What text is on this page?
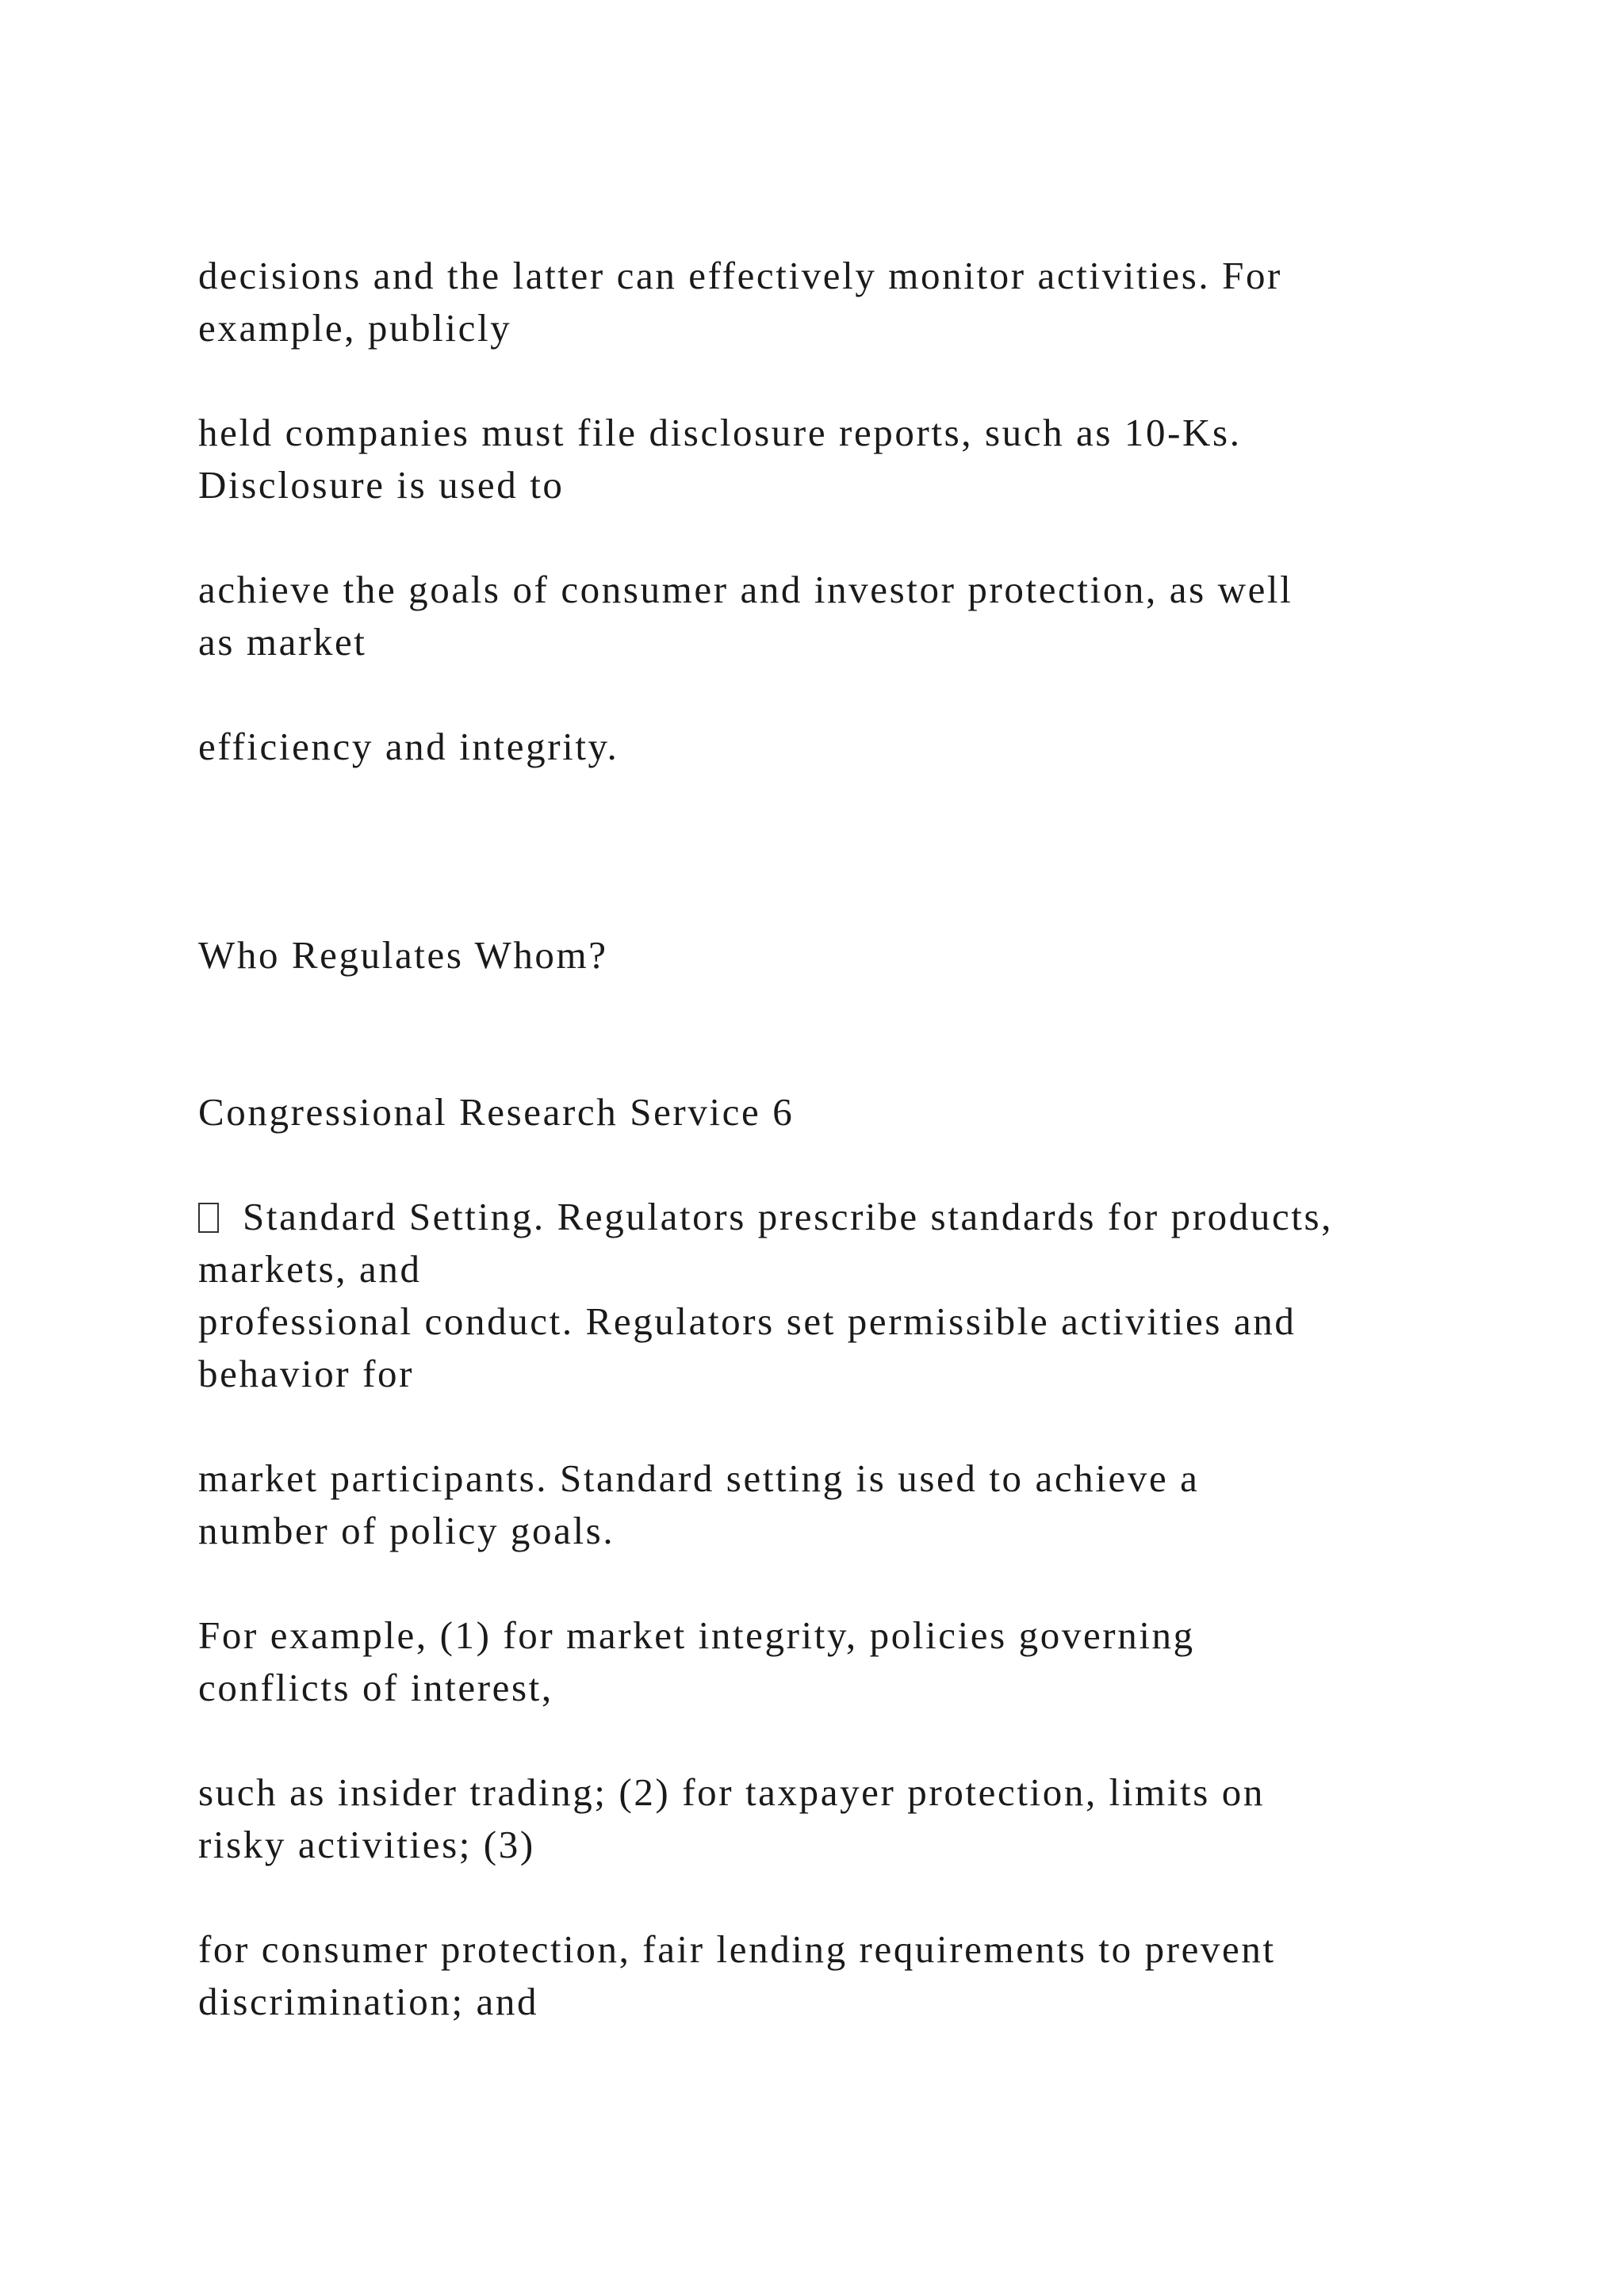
decisions and the latter can effectively monitor activities. For

example, publicly

held companies must file disclosure reports, such as 10-Ks.

Disclosure is used to

achieve the goals of consumer and investor protection, as well

as market

efficiency and integrity.

Who Regulates Whom?

Congressional Research Service 6

Standard Setting. Regulators prescribe standards for products,

markets, and

professional conduct. Regulators set permissible activities and

behavior for

market participants. Standard setting is used to achieve a

number of policy goals.

For example, (1) for market integrity, policies governing

conflicts of interest,

such as insider trading; (2) for taxpayer protection, limits on

risky activities; (3)

for consumer protection, fair lending requirements to prevent

discrimination; and
